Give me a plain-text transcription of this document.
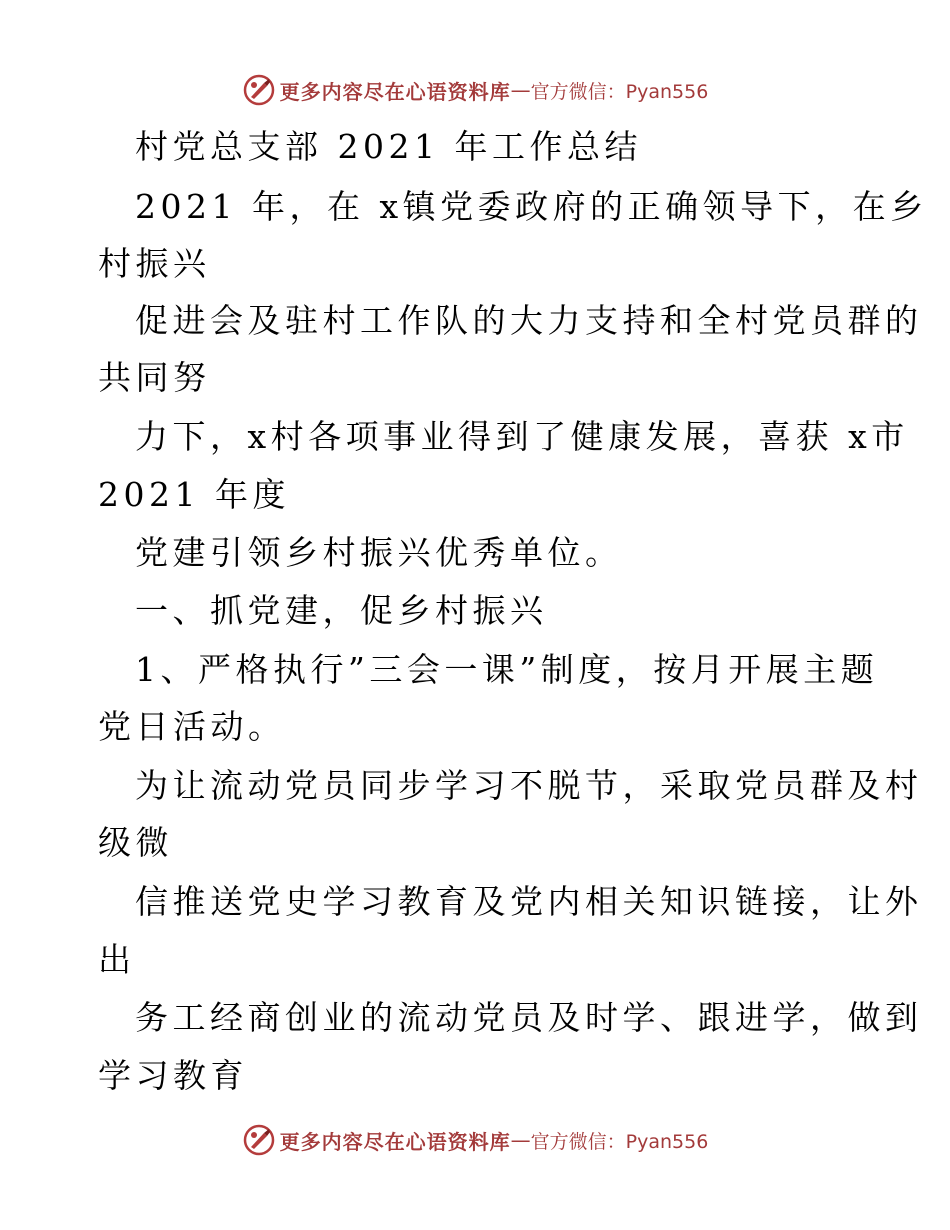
更多内容尽在心语资料库 — 官方微信：Pyan556
村党总支部 2021 年工作总结
2021 年，在 x镇党委政府的正确领导下，在乡
村振兴
促进会及驻村工作队的大力支持和全村党员群的
共同努
力下，x村各项事业得到了健康发展，喜获 x市
2021 年度
党建引领乡村振兴优秀单位。
一、抓党建，促乡村振兴
1、严格执行”三会一课”制度，按月开展主题
党日活动。
为让流动党员同步学习不脱节，采取党员群及村
级微
信推送党史学习教育及党内相关知识链接，让外
出
务工经商创业的流动党员及时学、跟进学，做到
学习教育
更多内容尽在心语资料库 — 官方微信：Pyan556
